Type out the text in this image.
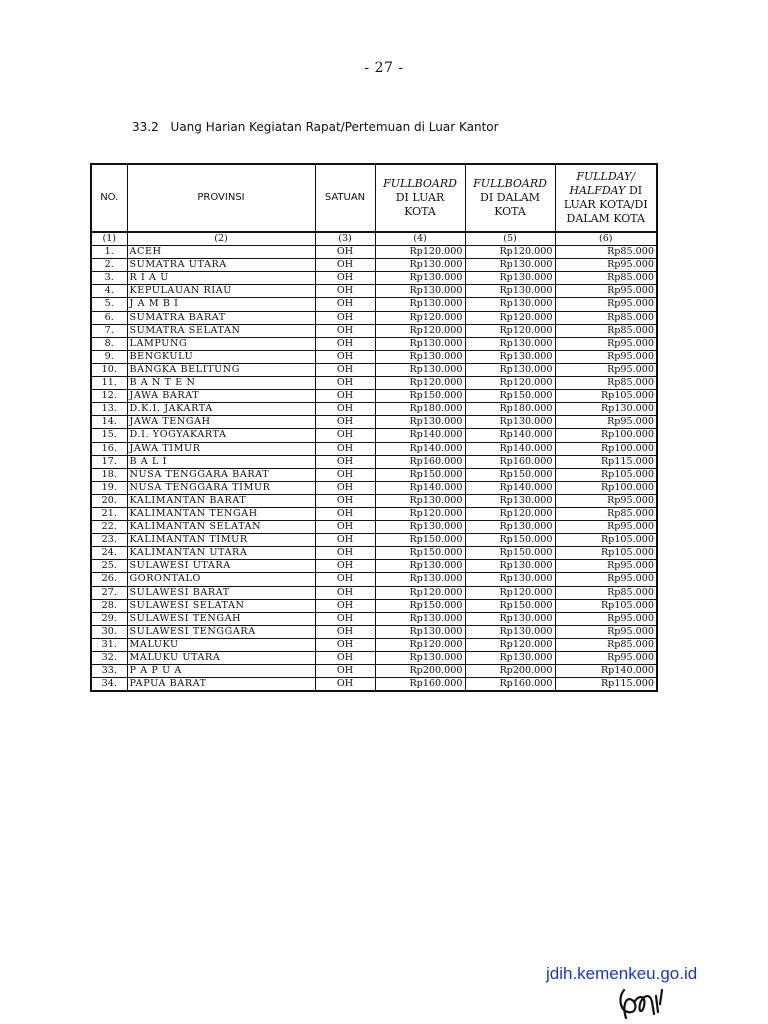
- 27 -
33.2 Uang Harian Kegiatan Rapat/Pertemuan di Luar Kantor
NO.	PROVINSI	SATUAN	FULLBOARD
DI LUAR
KOTA	FULLBOARD
DI DALAM
KOTA	FULLDAY/
HALFDAY DI
LUAR KOTA/DI
DALAM KOTA
(1)	(2)	(3)	(4)	(5)	(6)
1.	ACEH	OH	Rp120.000	Rp120.000	Rp85.000
2.	SUMATRA UTARA	OH	Rp130.000	Rp130.000	Rp95.000
3.	R I A U	OH	Rp130.000	Rp130.000	Rp85.000
4.	KEPULAUAN RIAU	OH	Rp130.000	Rp130.000	Rp95.000
5.	J A M B I	OH	Rp130.000	Rp130.000	Rp95.000
6.	SUMATRA BARAT	OH	Rp120.000	Rp120.000	Rp85.000
7.	SUMATRA SELATAN	OH	Rp120.000	Rp120.000	Rp85.000
8.	LAMPUNG	OH	Rp130.000	Rp130.000	Rp95.000
9.	BENGKULU	OH	Rp130.000	Rp130.000	Rp95.000
10.	BANGKA BELITUNG	OH	Rp130.000	Rp130.000	Rp95.000
11.	B A N T E N	OH	Rp120.000	Rp120.000	Rp85.000
12.	JAWA BARAT	OH	Rp150.000	Rp150.000	Rp105.000
13.	D.K.I. JAKARTA	OH	Rp180.000	Rp180.000	Rp130.000
14.	JAWA TENGAH	OH	Rp130.000	Rp130.000	Rp95.000
15.	D.I. YOGYAKARTA	OH	Rp140.000	Rp140.000	Rp100.000
16.	JAWA TIMUR	OH	Rp140.000	Rp140.000	Rp100.000
17.	B A L I	OH	Rp160.000	Rp160.000	Rp115.000
18.	NUSA TENGGARA BARAT	OH	Rp150.000	Rp150.000	Rp105.000
19.	NUSA TENGGARA TIMUR	OH	Rp140.000	Rp140.000	Rp100.000
20.	KALIMANTAN BARAT	OH	Rp130.000	Rp130.000	Rp95.000
21.	KALIMANTAN TENGAH	OH	Rp120.000	Rp120.000	Rp85.000
22.	KALIMANTAN SELATAN	OH	Rp130.000	Rp130.000	Rp95.000
23.	KALIMANTAN TIMUR	OH	Rp150.000	Rp150.000	Rp105.000
24.	KALIMANTAN UTARA	OH	Rp150.000	Rp150.000	Rp105.000
25.	SULAWESI UTARA	OH	Rp130.000	Rp130.000	Rp95.000
26.	GORONTALO	OH	Rp130.000	Rp130.000	Rp95.000
27.	SULAWESI BARAT	OH	Rp120.000	Rp120.000	Rp85.000
28.	SULAWESI SELATAN	OH	Rp150.000	Rp150.000	Rp105.000
29.	SULAWESI TENGAH	OH	Rp130.000	Rp130.000	Rp95.000
30.	SULAWESI TENGGARA	OH	Rp130.000	Rp130.000	Rp95.000
31.	MALUKU	OH	Rp120.000	Rp120.000	Rp85.000
32.	MALUKU UTARA	OH	Rp130.000	Rp130.000	Rp95.000
33.	P A P U A	OH	Rp200.000	Rp200.000	Rp140.000
34.	PAPUA BARAT	OH	Rp160.000	Rp160.000	Rp115.000
jdih.kemenkeu.go.id
